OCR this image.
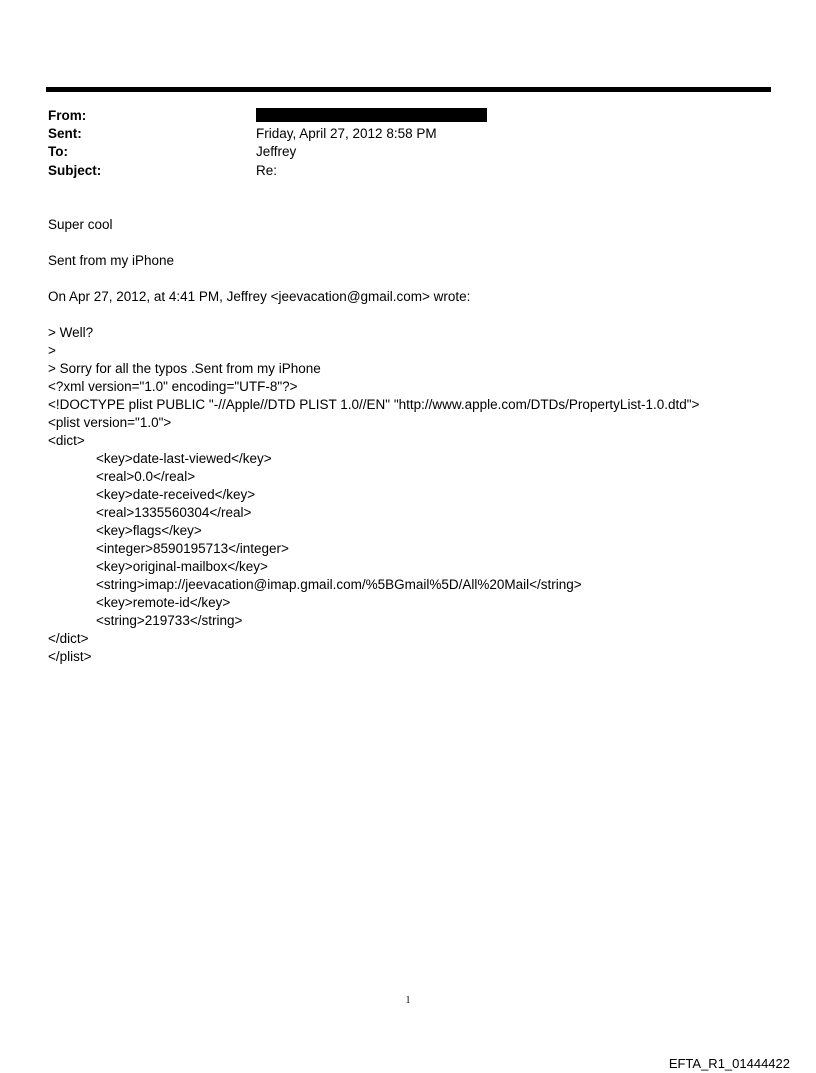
From:
Sent:	Friday, April 27, 2012 8:58 PM
To:	Jeffrey
Subject:	Re:
Super cool
Sent from my iPhone
On Apr 27, 2012, at 4:41 PM, Jeffrey <jeevacation@gmail.com> wrote:
> Well?
>
> Sorry for all the typos .Sent from my iPhone
<?xml version="1.0" encoding="UTF-8"?>
<!DOCTYPE plist PUBLIC "-//Apple//DTD PLIST 1.0//EN" "http://www.apple.com/DTDs/PropertyList-1.0.dtd">
<plist version="1.0">
<dict>
<key>date-last-viewed</key>
<real>0.0</real>
<key>date-received</key>
<real>1335560304</real>
<key>flags</key>
<integer>8590195713</integer>
<key>original-mailbox</key>
<string>imap://jeevacation@imap.gmail.com/%5BGmail%5D/All%20Mail</string>
<key>remote-id</key>
<string>219733</string>
</dict>
</plist>
1
EFTA_R1_01444422
